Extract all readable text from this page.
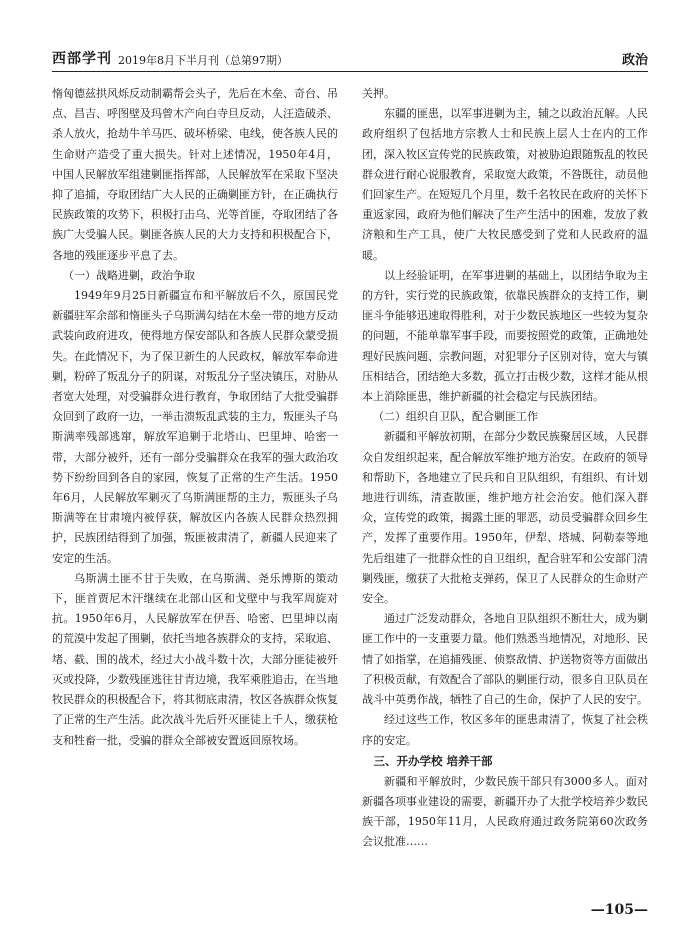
西部学刊 2019年8月下半月刊（总第97期）	政治

惰匈德兹拱风烁反动制霸帮会头子，先后在木垒、奇台、吊点、昌吉、呼图壁及玛曾木产向白寺旦反动，人汪造破杀、杀人放火，抢劫牛羊马匹、破坏桥梁、电线，使各族人民的生命财产造受了重大损失。针对上述情况，1950年4月，中国人民解放军组建剿匪指挥部，人民解放军在采取下坚决抑了追捕，夺取团结广大人民的正确剿匪方针，在正确执行民族政策的攻势下，积极打击乌、光等首匪，夺取团结了各族广大受骗人民。剿匪各族人民的大力支持和积极配合下，各地的残匪逐步平息了去。

（一）战略进剿，政治争取

1949年9月25日新疆宣布和平解放后不久，原国民党新疆驻军余部和惰匪头子乌斯满勾结在木垒一带的地方反动武装向政府进攻，使得地方保安部队和各族人民群众蒙受损失。在此情况下，为了保卫新生的人民政权，解放军奉命进剿，粉碎了叛乱分子的阴谋，对叛乱分子坚决镇压，对胁从者宽大处理，对受骗群众进行教育，争取团结了大批受骗群众回到了政府一边，一举击溃叛乱武装的主力，叛匪头子乌斯满率残部逃窜，解放军追剿于北塔山、巴里坤、哈密一带，大部分被歼，还有一部分受骗群众在我军的强大政治攻势下纷纷回到各自的家园，恢复了正常的生产生活。1950年6月，人民解放军剿灭了乌斯满匪帮的主力，叛匪头子乌斯满等在甘肃境内被俘获，解放区内各族人民群众热烈拥护，民族团结得到了加强，叛匪被肃清了，新疆人民迎来了安定的生活。

乌斯满土匪不甘于失败，在乌斯满、尧乐博斯的策动下，匪首贾尼木汗继续在北部山区和戈壁中与我军周旋对抗。1950年6月，人民解放军在伊吾、哈密、巴里坤以南的荒漠中发起了围剿，依托当地各族群众的支持，采取追、堵、截、围的战术，经过大小战斗数十次，大部分匪徒被歼灭或投降，少数残匪逃往甘青边境，我军乘胜追击，在当地牧民群众的积极配合下，将其彻底肃清，牧区各族群众恢复了正常的生产生活。此次战斗先后歼灭匪徒上千人，缴获枪支和牲畜一批，受骗的群众全部被安置返回原牧场。

关押。

东疆的匪患，以军事进剿为主，辅之以政治瓦解。人民政府组织了包括地方宗教人士和民族上层人士在内的工作团，深入牧区宣传党的民族政策，对被胁迫跟随叛乱的牧民群众进行耐心说服教育，采取宽大政策，不咎既往，动员他们回家生产。在短短几个月里，数千名牧民在政府的关怀下重返家园，政府为他们解决了生产生活中的困难，发放了救济粮和生产工具，使广大牧民感受到了党和人民政府的温暖。

以上经验证明，在军事进剿的基础上，以团结争取为主的方针，实行党的民族政策，依靠民族群众的支持工作，剿匪斗争能够迅速取得胜利，对于少数民族地区一些较为复杂的问题，不能单靠军事手段，而要按照党的政策，正确地处理好民族问题、宗教问题，对犯罪分子区别对待，宽大与镇压相结合，团结绝大多数，孤立打击极少数，这样才能从根本上消除匪患，维护新疆的社会稳定与民族团结。

（二）组织自卫队，配合剿匪工作

新疆和平解放初期，在部分少数民族聚居区域，人民群众自发组织起来，配合解放军维护地方治安。在政府的领导和帮助下，各地建立了民兵和自卫队组织，有组织、有计划地进行训练，清查散匪，维护地方社会治安。他们深入群众，宣传党的政策，揭露土匪的罪恶，动员受骗群众回乡生产，发挥了重要作用。1950年，伊犁、塔城、阿勒泰等地先后组建了一批群众性的自卫组织，配合驻军和公安部门清剿残匪，缴获了大批枪支弹药，保卫了人民群众的生命财产安全。

通过广泛发动群众，各地自卫队组织不断壮大，成为剿匪工作中的一支重要力量。他们熟悉当地情况，对地形、民情了如指掌，在追捕残匪、侦察敌情、护送物资等方面做出了积极贡献，有效配合了部队的剿匪行动，很多自卫队员在战斗中英勇作战，牺牲了自己的生命，保护了人民的安宁。

经过这些工作，牧区多年的匪患肃清了，恢复了社会秩序的安定。

三、开办学校 培养干部

新疆和平解放时，少数民族干部只有3000多人。面对新疆各项事业建设的需要，新疆开办了大批学校培养少数民族干部，1950年11月，人民政府通过政务院第60次政务会议批准……

—105—
